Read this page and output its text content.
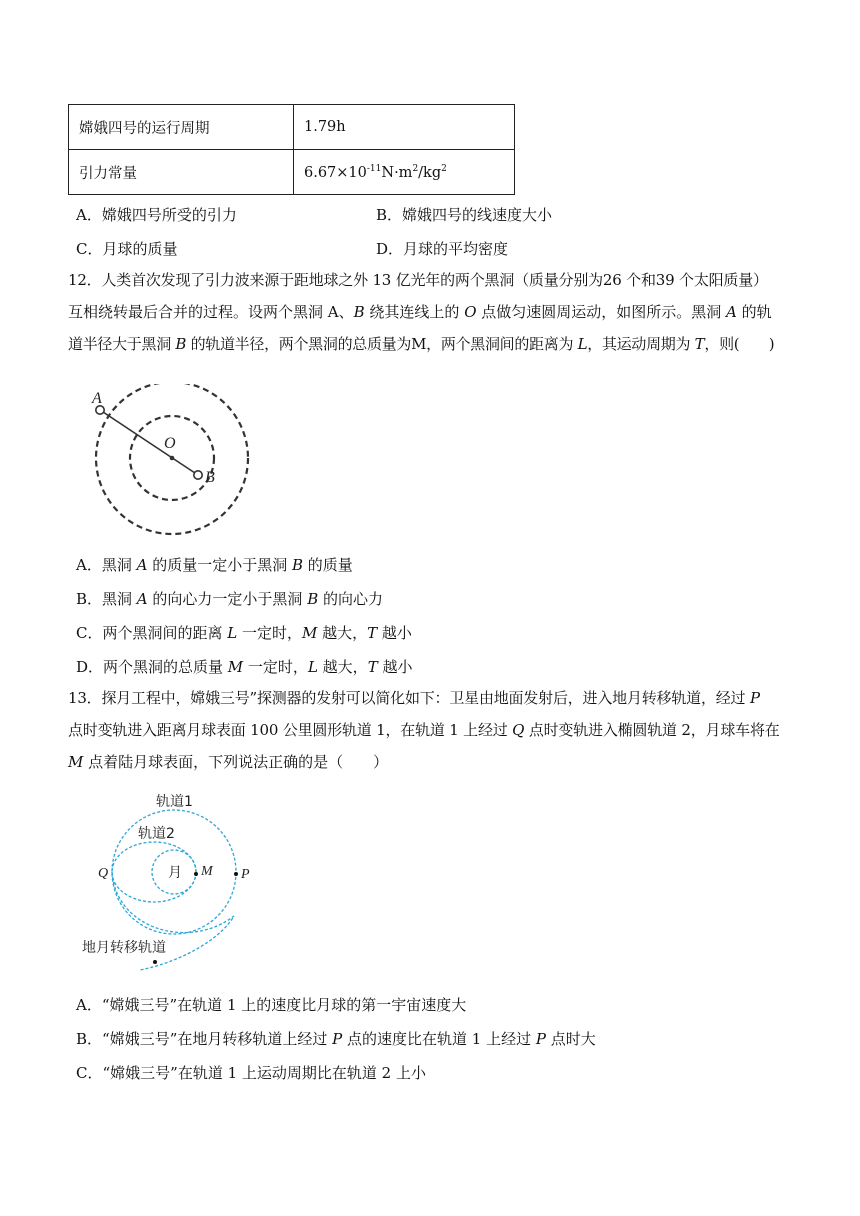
嫦娥四号的运行周期	1.79h
引力常量	$6.67\times 10^{-11}N\cdot m^2/kg^2$
A．嫦娥四号所受的引力	B．嫦娥四号的线速度大小
C．月球的质量	D．月球的平均密度
12．人类首次发现了引力波来源于距地球之外 13 亿光年的两个黑洞（质量分别为26 个和39 个太阳质量）
互相绕转最后合并的过程。设两个黑洞 A、B 绕其连线上的 O 点做匀速圆周运动，如图所示。黑洞 A 的轨
道半径大于黑洞 B 的轨道半径，两个黑洞的总质量为M，两个黑洞间的距离为 L，其运动周期为 T，则(　　)
A
O
B
A．黑洞 A 的质量一定小于黑洞 B 的质量
B．黑洞 A 的向心力一定小于黑洞 B 的向心力
C．两个黑洞间的距离 L 一定时，M 越大，T 越小
D．两个黑洞的总质量 M 一定时，L 越大，T 越小
13．探月工程中，嫦娥三号”探测器的发射可以简化如下：卫星由地面发射后，进入地月转移轨道，经过 P
点时变轨进入距离月球表面 100 公里圆形轨道 1，在轨道 1 上经过 Q 点时变轨进入椭圆轨道 2，月球车将在
M 点着陆月球表面，下列说法正确的是（　　）
轨道1
轨道2
月
Q	M P
地月转移轨道
A．“嫦娥三号”在轨道 1 上的速度比月球的第一宇宙速度大
B．“嫦娥三号”在地月转移轨道上经过 P 点的速度比在轨道 1 上经过 P 点时大
C．“嫦娥三号”在轨道 1 上运动周期比在轨道 2 上小
